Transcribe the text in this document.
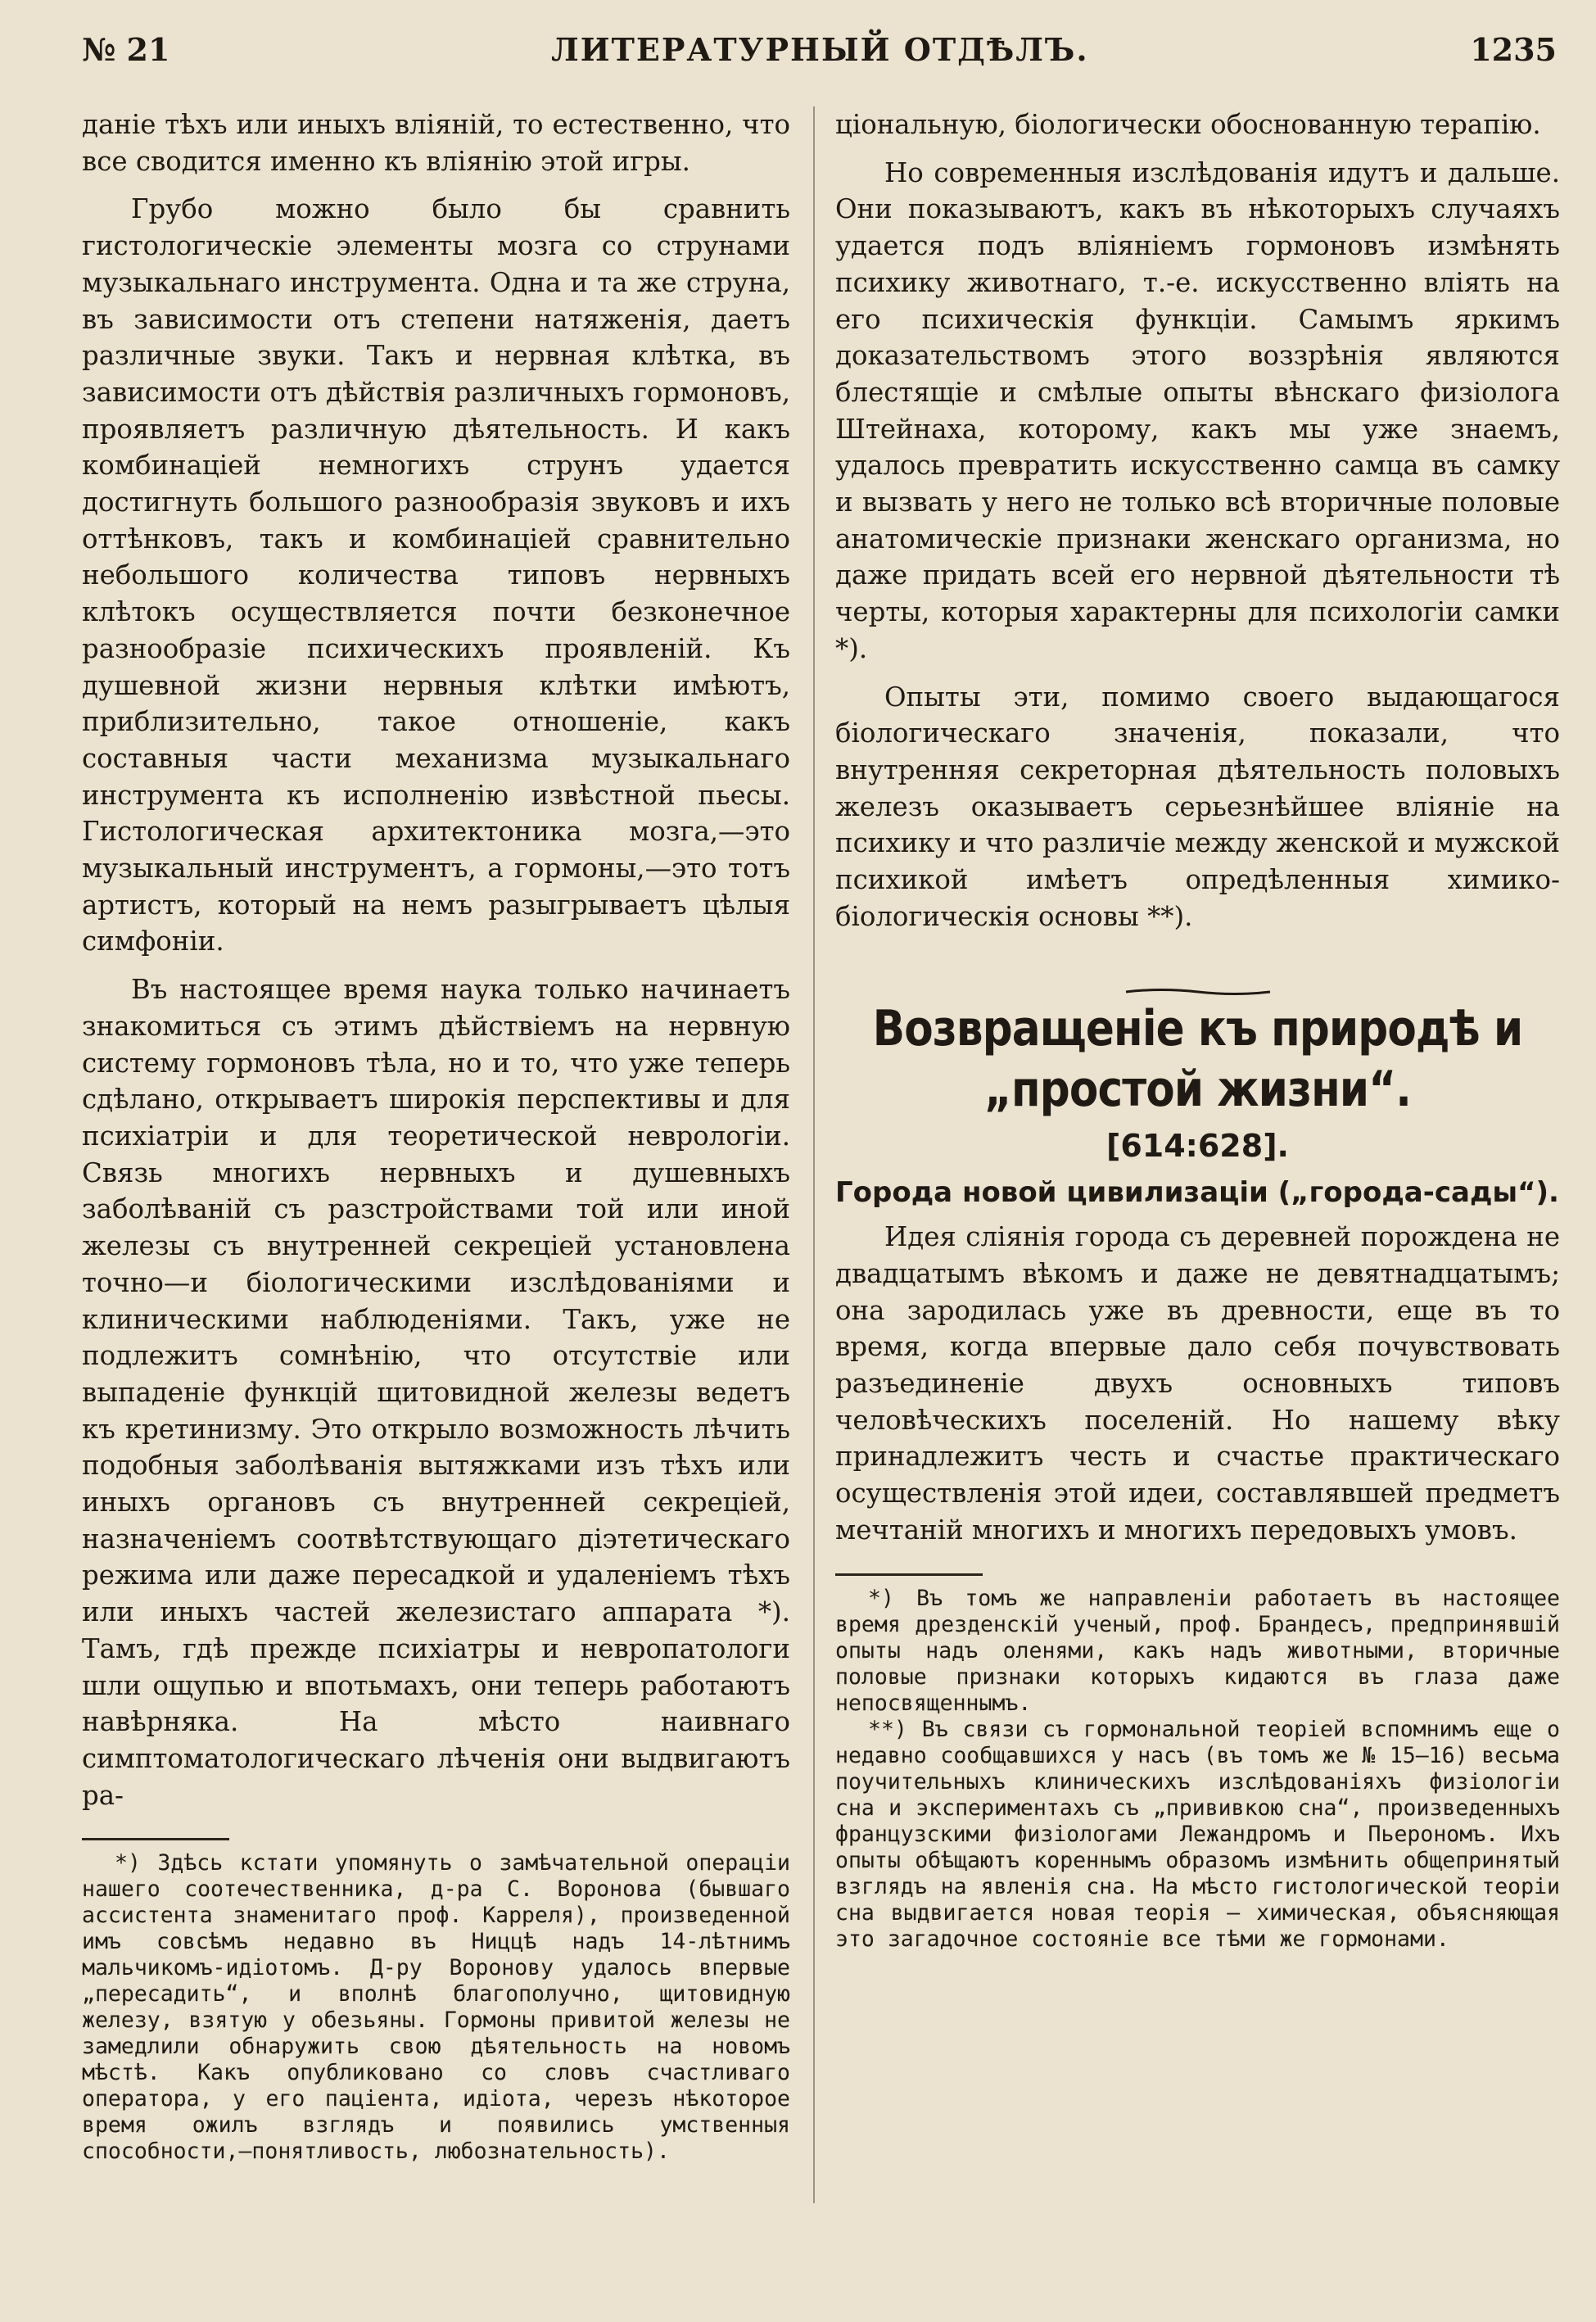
№ 21	ЛИТЕРАТУРНЫЙ ОТДѢЛЪ.	1235

даніе тѣхъ или иныхъ вліяній, то естественно, что все сводится именно къ вліянію этой игры.

Грубо можно было бы сравнить гистологическіе элементы мозга со струнами музыкальнаго инструмента. Одна и та же струна, въ зависимости отъ степени натяженія, даетъ различные звуки. Такъ и нервная клѣтка, въ зависимости отъ дѣйствія различныхъ гормоновъ, проявляетъ различную дѣятельность. И какъ комбинаціей немногихъ струнъ удается достигнуть большого разнообразія звуковъ и ихъ оттѣнковъ, такъ и комбинаціей сравнительно небольшого количества типовъ нервныхъ клѣтокъ осуществляется почти безконечное разнообразіе психическихъ проявленій. Къ душевной жизни нервныя клѣтки имѣютъ, приблизительно, такое отношеніе, какъ составныя части механизма музыкальнаго инструмента къ исполненію извѣстной пьесы. Гистологическая архитектоника мозга,—это музыкальный инструментъ, а гормоны,—это тотъ артистъ, который на немъ разыгрываетъ цѣлыя симфоніи.

Въ настоящее время наука только начинаетъ знакомиться съ этимъ дѣйствіемъ на нервную систему гормоновъ тѣла, но и то, что уже теперь сдѣлано, открываетъ широкія перспективы и для психіатріи и для теоретической неврологіи. Связь многихъ нервныхъ и душевныхъ заболѣваній съ разстройствами той или иной железы съ внутренней секреціей установлена точно—и біологическими изслѣдованіями и клиническими наблюденіями. Такъ, уже не подлежитъ сомнѣнію, что отсутствіе или выпаденіе функцій щитовидной железы ведетъ къ кретинизму. Это открыло возможность лѣчить подобныя заболѣванія вытяжками изъ тѣхъ или иныхъ органовъ съ внутренней секреціей, назначеніемъ соотвѣтствующаго діэтетическаго режима или даже пересадкой и удаленіемъ тѣхъ или иныхъ частей железистаго аппарата *). Тамъ, гдѣ прежде психіатры и невропатологи шли ощупью и впотьмахъ, они теперь работаютъ навѣрняка. На мѣсто наивнаго симптоматологическаго лѣченія они выдвигаютъ ра-

*) Здѣсь кстати упомянуть о замѣчательной операціи нашего соотечественника, д-ра С. Воронова (бывшаго ассистента знаменитаго проф. Карреля), произведенной имъ совсѣмъ недавно въ Ниццѣ надъ 14-лѣтнимъ мальчикомъ-идіотомъ. Д-ру Воронову удалось впервые „пересадить“, и вполнѣ благополучно, щитовидную железу, взятую у обезьяны. Гормоны привитой железы не замедлили обнаружить свою дѣятельность на новомъ мѣстѣ. Какъ опубликовано со словъ счастливаго оператора, у его паціента, идіота, черезъ нѣкоторое время ожилъ взглядъ и появились умственныя способности,—понятливость, любознательность).

ціональную, біологически обоснованную терапію.

Но современныя изслѣдованія идутъ и дальше. Они показываютъ, какъ въ нѣкоторыхъ случаяхъ удается подъ вліяніемъ гормоновъ измѣнять психику животнаго, т.-е. искусственно вліять на его психическія функціи. Самымъ яркимъ доказательствомъ этого воззрѣнія являются блестящіе и смѣлые опыты вѣнскаго физіолога Штейнаха, которому, какъ мы уже знаемъ, удалось превратить искусственно самца въ самку и вызвать у него не только всѣ вторичные половые анатомическіе признаки женскаго организма, но даже придать всей его нервной дѣятельности тѣ черты, которыя характерны для психологіи самки *).

Опыты эти, помимо своего выдающагося біологическаго значенія, показали, что внутренняя секреторная дѣятельность половыхъ железъ оказываетъ серьезнѣйшее вліяніе на психику и что различіе между женской и мужской психикой имѣетъ опредѣленныя химико-біологическія основы **).

Возвращеніе къ природѣ и „простой жизни“.
[614:628].
Города новой цивилизаціи („города-сады“).

Идея слiянія города съ деревней порождена не двадцатымъ вѣкомъ и даже не девятнадцатымъ; она зародилась уже въ древности, еще въ то время, когда впервые дало себя почувствовать разъединеніе двухъ основныхъ типовъ человѣческихъ поселеній. Но нашему вѣку принадлежитъ честь и счастье практическаго осуществленія этой идеи, составлявшей предметъ мечтаній многихъ и многихъ передовыхъ умовъ.

*) Въ томъ же направленіи работаетъ въ настоящее время дрезденскій ученый, проф. Брандесъ, предпринявшій опыты надъ оленями, какъ надъ животными, вторичные половые признаки которыхъ кидаются въ глаза даже непосвященнымъ.

**) Въ связи съ гормональной теоріей вспомнимъ еще о недавно сообщавшихся у насъ (въ томъ же № 15—16) весьма поучительныхъ клиническихъ изслѣдованіяхъ физіологіи сна и экспериментахъ съ „прививкою сна“, произведенныхъ французскими физіологами Лежандромъ и Пьерономъ. Ихъ опыты обѣщаютъ кореннымъ образомъ измѣнить общепринятый взглядъ на явленія сна. На мѣсто гистологической теоріи сна выдвигается новая теорія — химическая, объясняющая это загадочное состояніе все тѣми же гормонами.
